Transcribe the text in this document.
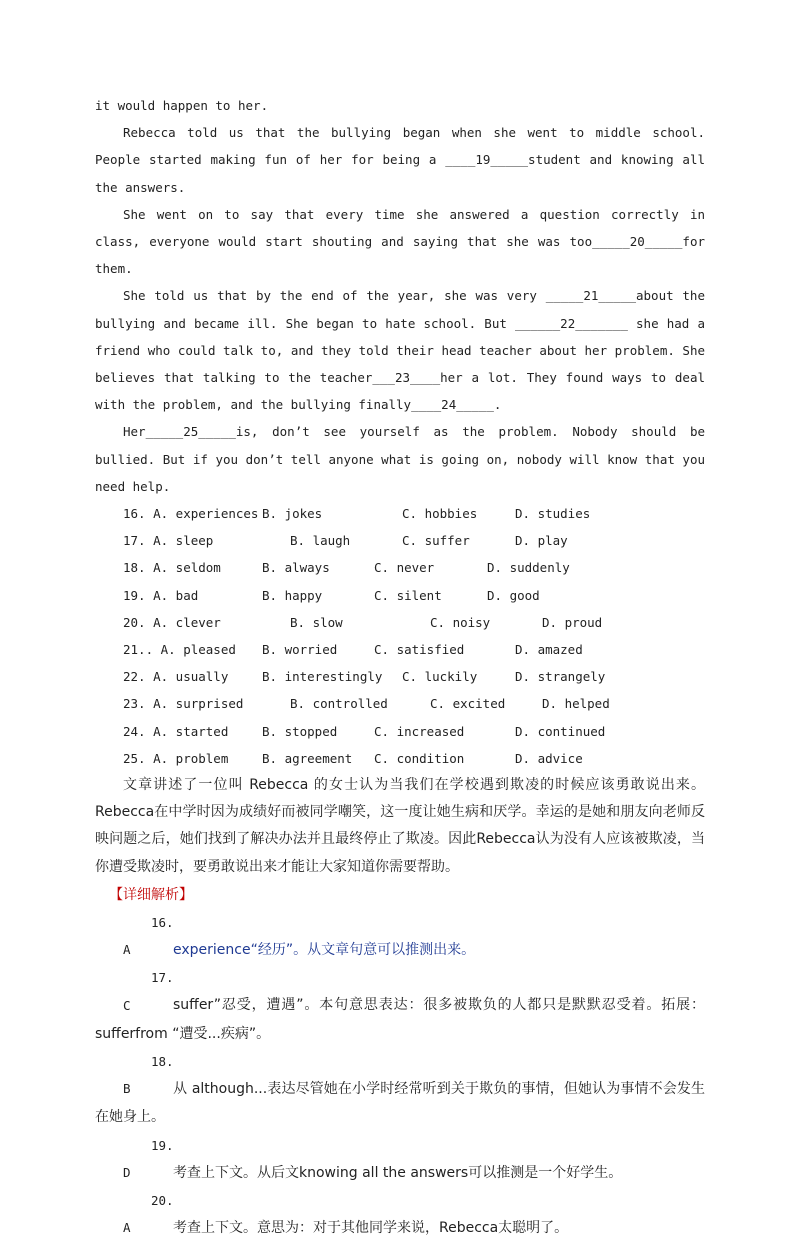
it would happen to her.

Rebecca told us that the bullying began when she went to middle school. People started making fun of her for being a ____19_____student and knowing all the answers.

She went on to say that every time she answered a question correctly in class, everyone would start shouting and saying that she was too_____20_____for them.

She told us that by the end of the year, she was very _____21_____about the bullying and became ill. She began to hate school. But ______22_______ she had a friend who could talk to, and they told their head teacher about her problem. She believes that talking to the teacher___23____her a lot. They found ways to deal with the problem, and the bullying finally____24_____.

Her_____25_____is, don’t see yourself as the problem. Nobody should be bullied. But if you don’t tell anyone what is going on, nobody will know that you need help.

16. A. experiences B. jokes	C. hobbies	D. studies
17. A. sleep	B. laugh	C. suffer	D. play
18. A. seldom	B. always	C. never	D. suddenly
19. A. bad	B. happy	C. silent	D. good
20. A. clever	B. slow	C. noisy	D. proud
21.. A. pleased B. worried	C. satisfied	D. amazed
22. A. usually	B. interestingly C. luckily	D. strangely
23. A. surprised	B. controlled	C. excited	D. helped
24. A. started	B. stopped	C. increased	D. continued
25. A. problem	B. agreement C. condition	D. advice

文章讲述了一位叫 Rebecca 的女士认为当我们在学校遇到欺凌的时候应该勇敢说出来。Rebecca在中学时因为成绩好而被同学嘲笑，这一度让她生病和厌学。幸运的是她和朋友向老师反映问题之后，她们找到了解决办法并且最终停止了欺凌。因此Rebecca认为没有人应该被欺凌，当你遭受欺凌时，要勇敢说出来才能让大家知道你需要帮助。

【详细解析】

16. A	experience“经历”。从文章句意可以推测出来。

17. C	suffer”忍受，遭遇”。本句意思表达：很多被欺负的人都只是默默忍受着。拓展：sufferfrom “遭受...疾病”。

18. B	从 although...表达尽管她在小学时经常听到关于欺负的事情，但她认为事情不会发生在她身上。

19. D	考查上下文。从后文knowing all the answers可以推测是一个好学生。

20. A	考查上下文。意思为：对于其他同学来说，Rebecca太聪明了。
